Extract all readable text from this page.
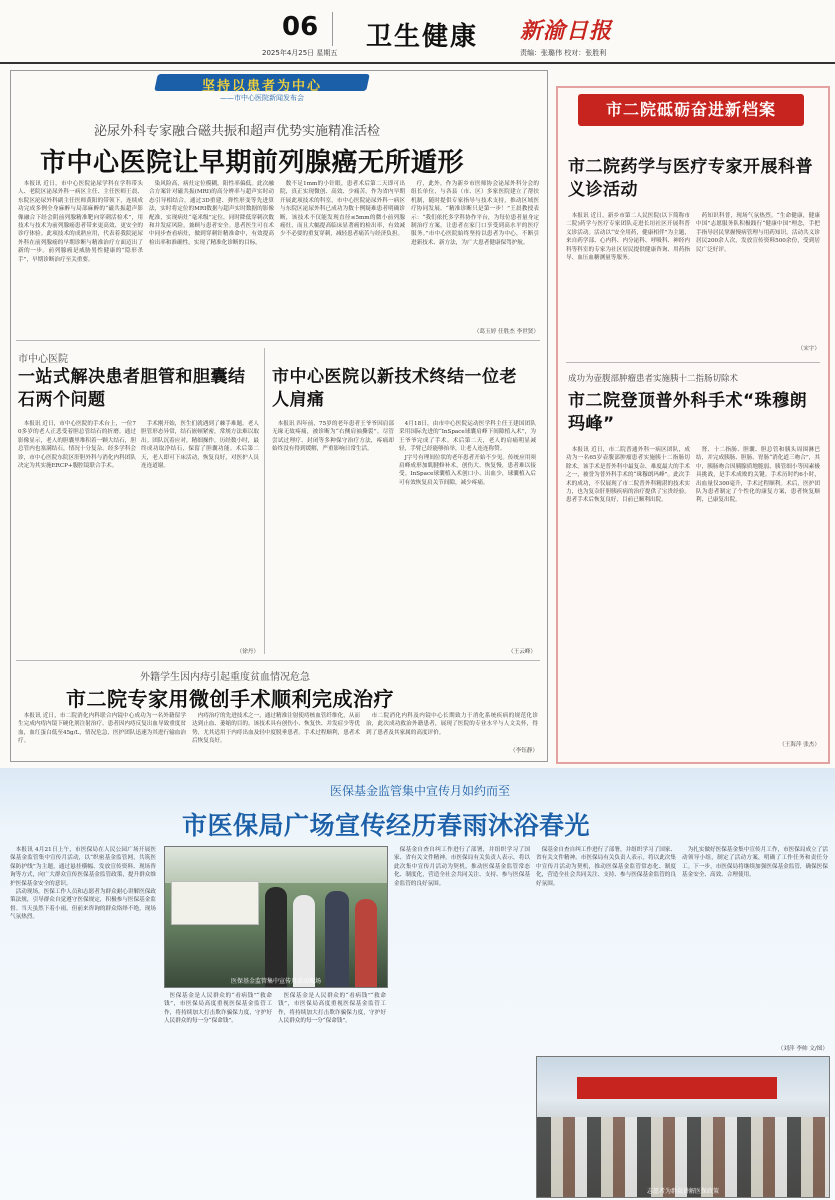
06 卫生健康
2025年4月25日 星期五
新渝日报
责编：张璐伟 校对：张胜利
坚持以患者为中心
——市中心医院新闻发布会
泌尿外科专家融合磁共振和超声优势实施精准活检
市中心医院让早期前列腺癌无所遁形

本报讯 近日，市中心医院泌尿学科在学科带头人、老院区泌尿外科一病区主任、主任医师王晨、东院区泌尿外科副主任医师黄阳的带领下，连续成功完成多例全身麻醉与局部麻醉的“磁共振超声影像融合下经会阴前列腺精准靶向穿刺活检术”，用技术与技术为前列腺癌患者带来更高效、更安全的诊疗体验。此项技术的成熟应用，代表着我院泌尿外科在前列腺癌的早期诊断与精准治疗方面迈出了新的一步。前列腺癌是威胁男性健康的“隐形杀手”，早期诊断治疗至关重要。

染风险高，病灶定位模糊，阳性率偏低。此次融合方案针对磁共振(MRI)的高分辨率与超声实时动态引导相结合，通过3D重建、弹性形变等先进算法，实时将定位的MRI数据与超声实时数据的影像配准，实现病灶“毫米级”定位，同时降低穿刺次数和并发症风险，兼顾与患者安全。患者医生可在术中同步查看病灶，做到穿刺针精准命中，有效提高检出率和准确性，实现了精准化诊断的目标。

数不足1mm的小针眼，患者术后第二天即可出院，真正实现微创、高效、少痛苦。作为省内早期开展此项技术的科室，市中心医院泌尿外科一病区与东院区泌尿外科已成功为数十例疑难患者明确诊断，该技术不仅能发现直径≤5mm的微小前列腺癌灶，而且大幅提高临床显著癌的检出率，有效减少不必要的重复穿刺，减轻患者痛苦与经济负担。

疗，此外，作为新乡市医师协会泌尿外科分会的组长单位，与各县（市、区）多家医院建立了帮扶机制，随时提供专家指导与技术支持，推动区域医疗协同发展。“精准诊断只是第一步！”王晨教授表示：“我们依托多学科协作平台，为每位患者量身定制治疗方案，让患者在家门口享受到高水平的医疗服务。”市中心医院始终坚持以患者为中心，不断引进新技术、新方法，为广大患者健康保驾护航。

（葛玉婷 任胜杰 李世贤）
市中心医院
一站式解决患者胆管和胆囊结石两个问题

本报讯 近日，市中心医院的手术台上，一位70多岁的老人正悲受着胆总管结石的折磨。通过影像显示，老人的胆囊里堆积着一颗大结石，胆总管内也塞满结石，情况十分复杂。经多学科会诊，市中心医院东院区肝胆外科与消化内科团队决定为其实施ERCP+腹腔镜联合手术。

手术刚开始，医生们就遇到了棘手难题。老人胆管形态异常，结石嵌顿紧密，常规方法难以取出。团队沉着应对，精细操作，历经数小时，最终成功取净结石，保留了胆囊功能。术后第二天，老人即可下床活动，恢复良好，对医护人员连连道谢。

（徐丹）
市中心医院以新技术终结一位老人肩痛

本报讯 四年前，75岁的老年患者王爷爷因肩部无缘无故疼痛，被诊断为“右侧肩袖撕裂”。尽管尝试过理疗、封闭等多种保守治疗方法，疼痛却始终没有得到缓解，严重影响日常生活。

4月18日，由市中心医院运动医学科主任王建国团队采用国际先进的“InSpace球囊肩峰下间隙植入术”，为王爷爷完成了手术。术后第二天，老人的肩痛明显减轻，手臂已经能够抬举，让老人连连称赞。

J字号有理间位状的老年患者开始不少见。传统应用须肩峰成形加肌腱修补术，创伤大、恢复慢，患者难以接受。InSpace球囊植入术创口小、出血少，球囊植入后可有效恢复肩关节间隙，减少疼痛。

（王云峰）
外籍学生因内痔引起重度贫血情况危急
市二院专家用微创手术顺利完成治疗

本报讯 近日，市二院消化内科联合内镜中心成功为一名外籍留学生完成内痔内镜下硬化剂注射治疗。患者因内痔反复出血导致重度贫血，血红蛋白低至45g/L，情况危急，医护团队迅速为其进行输血治疗。

内痔治疗的先进技术之一，通过精准注射使痔核血管纤维化，从而达到止血、萎缩的目的。该技术具有创伤小、恢复快、并发症少等优势，尤其适用于内痔出血及轻中度脱垂患者。手术过程顺利，患者术后恢复良好。

市二院消化内科及内镜中心长期致力于消化系统疾病的规范化诊治，此次成功救治外籍患者，展现了医院的专业水平与人文关怀，得到了患者及其家属的高度评价。

（李钰静）
市二院砥砺奋进新档案
市二院药学与医疗专家开展科普义诊活动

本报讯 近日，新乡市第二人民医院(以下简称市二院)药学与医疗专家团队走进长垣社区开展科普义诊活动。活动以“安全用药，健康相伴”为主题，来自药学部、心内科、内分泌科、呼吸科、神经内科等科室的专家为社区居民提供健康咨询、用药指导、血压血糖测量等服务。

药知识科普，现场气氛热烈。“生命健康，健康中国”志愿服务队积极践行“健康中国”理念，手把手指导居民掌握慢病管理与用药知识。活动共义诊居民200余人次，发放宣传资料500余份，受到居民广泛好评。

（宋宇）
成功为壶腹部肿瘤患者实施胰十二指肠切除术
市二院登顶普外科手术“珠穆朗玛峰”

本报讯 近日，市二院普通外科一病区团队，成功为一名65岁壶腹部肿瘤患者实施胰十二指肠切除术。该手术是普外科中最复杂、难度最大的手术之一，被誉为普外科手术的“珠穆朗玛峰”。此次手术的成功，不仅展现了市二院普外科精湛的技术实力，也为复杂肝胆胰疾病的治疗提供了宝贵经验。患者手术后恢复良好，目前已顺利出院。

肾、十二指肠、胆囊、胆总管和胰头周围淋巴结，并完成胰肠、胆肠、胃肠“消化道三吻合”，其中，胰肠吻合因胰腺质地脆弱、胰管细小等因素极具挑战，是手术成败的关键。手术历时约6小时，出血量仅300毫升，手术过程顺利。术后，医护团队为患者制定了个性化的康复方案，患者恢复顺利，已康复出院。

（王海萍 张杰）
医保基金监管集中宣传月如约而至
市医保局广场宣传经历春雨沐浴春光

本报讯 4月21日上午，市医保局在人民公园广场开展医保基金监管集中宣传月活动，以“织密基金监管网，共筑医保防护线”为主题，通过悬挂横幅、发放宣传资料、现场咨询等方式，向广大群众宣传医保基金监管政策，提升群众维护医保基金安全的意识。

活动现场，医保工作人员和志愿者为群众耐心讲解医保政策法规，引导群众自觉遵守医保规定，积极参与医保基金监督。当天虽然下着小雨，但前来咨询的群众络绎不绝，现场气氛热烈。

医保基金监管集中宣传月活动现场

医保基金是人民群众的“看病钱”“救命钱”，市医保局高度重视医保基金监管工作，将持续加大打击欺诈骗保力度，守护好人民群众的每一分“保命钱”。

医保基金是人民群众的“看病钱”“救命钱”，市医保局高度重视医保基金监管工作，将持续加大打击欺诈骗保力度，守护好人民群众的每一分“保命钱”。

保基金自查自纠工作进行了部署，并组织学习了国家、省有关文件精神。市医保局有关负责人表示，将以此次集中宣传月活动为契机，推动医保基金监管常态化、制度化，营造全社会共同关注、支持、参与医保基金监管的良好氛围。

保基金自查自纠工作进行了部署，并组织学习了国家、省有关文件精神。市医保局有关负责人表示，将以此次集中宣传月活动为契机，推动医保基金监管常态化、制度化，营造全社会共同关注、支持、参与医保基金监管的良好氛围。

为扎实做好医保基金集中宣传月工作，市医保局成立了活动领导小组，制定了活动方案，明确了工作任务和责任分工。下一步，市医保局将继续加强医保基金监管，确保医保基金安全、高效、合理使用。

（刘萍 李帅 文/图）
志愿者为群众讲解医保政策
